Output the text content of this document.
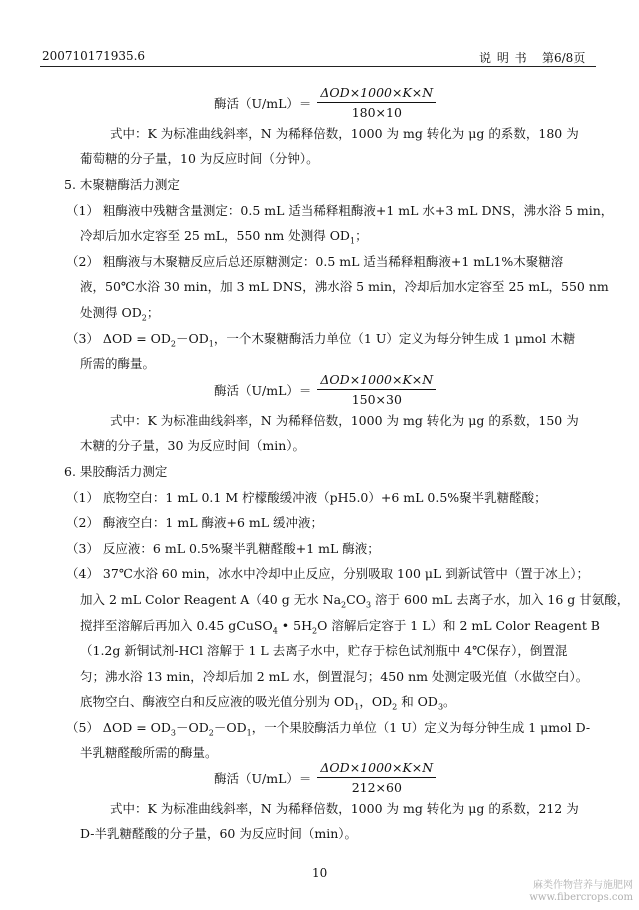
200710171935.6	说 明 书 第6/8页
酶活$(U/mL)= \frac{\text{ΔOD×1000×K×N}}{180\times 10}$
式中：K 为标准曲线斜率，N 为稀释倍数，1000 为 mg 转化为 μg 的系数，180 为
葡萄糖的分子量，10 为反应时间（分钟）。
5. 木聚糖酶活力测定
（1） 粗酶液中残糖含量测定：0.5 mL 适当稀释粗酶液+1 mL 水+3 mL DNS，沸水浴 5 min，
冷却后加水定容至 25 mL，550 nm 处测得 $OD_1$；
（2） 粗酶液与木聚糖反应后总还原糖测定：0.5 mL 适当稀释粗酶液+1 mL1%木聚糖溶
液，50℃水浴 30 min，加 3 mL DNS，沸水浴 5 min，冷却后加水定容至 25 mL，550 nm
处测得 $OD_2$；
（3） $\Delta OD = OD_2-OD_1$，一个木聚糖酶活力单位（1 U）定义为每分钟生成 1 μmol 木糖
所需的酶量。
酶活$(U/mL)= \frac{\text{ΔOD×1000×K×N}}{150\times 30}$
式中：K 为标准曲线斜率，N 为稀释倍数，1000 为 mg 转化为 μg 的系数，150 为
木糖的分子量，30 为反应时间（min）。
6. 果胶酶活力测定
（1） 底物空白：1 mL 0.1 M 柠檬酸缓冲液（pH5.0）+6 mL 0.5%聚半乳糖醛酸；
（2） 酶液空白：1 mL 酶液+6 mL 缓冲液；
（3） 反应液：6 mL 0.5%聚半乳糖醛酸+1 mL 酶液；
（4） 37℃水浴 60 min，冰水中冷却中止反应，分别吸取 100 μL 到新试管中（置于冰上）；
加入 2 mL Color Reagent A（40 g 无水 $Na_2CO_3$ 溶于 600 mL 去离子水，加入 16 g 甘氨酸，
搅拌至溶解后再加入 0.45 gCuSO$_4$ • $5H_2O$ 溶解后定容于 1 L）和 2 mL Color Reagent B
（1.2g 新铜试剂-HCl 溶解于 1 L 去离子水中，贮存于棕色试剂瓶中 4℃保存），倒置混
匀；沸水浴 13 min，冷却后加 2 mL 水，倒置混匀；450 nm 处测定吸光值（水做空白）。
底物空白、酶液空白和反应液的吸光值分别为 $OD_1$，$OD_2$ 和 $OD_3$。
（5） $\Delta OD = OD_3-OD_2-OD_1$，一个果胶酶活力单位（1 U）定义为每分钟生成 1 μmol D-
半乳糖醛酸所需的酶量。
酶活$(U/mL)= \frac{\text{ΔOD×1000×K×N}}{212\times 60}$
式中：K 为标准曲线斜率，N 为稀释倍数，1000 为 mg 转化为 μg 的系数，212 为
D-半乳糖醛酸的分子量，60 为反应时间（min）。
10
麻类作物营养与施肥网
www.fibercrops.com
